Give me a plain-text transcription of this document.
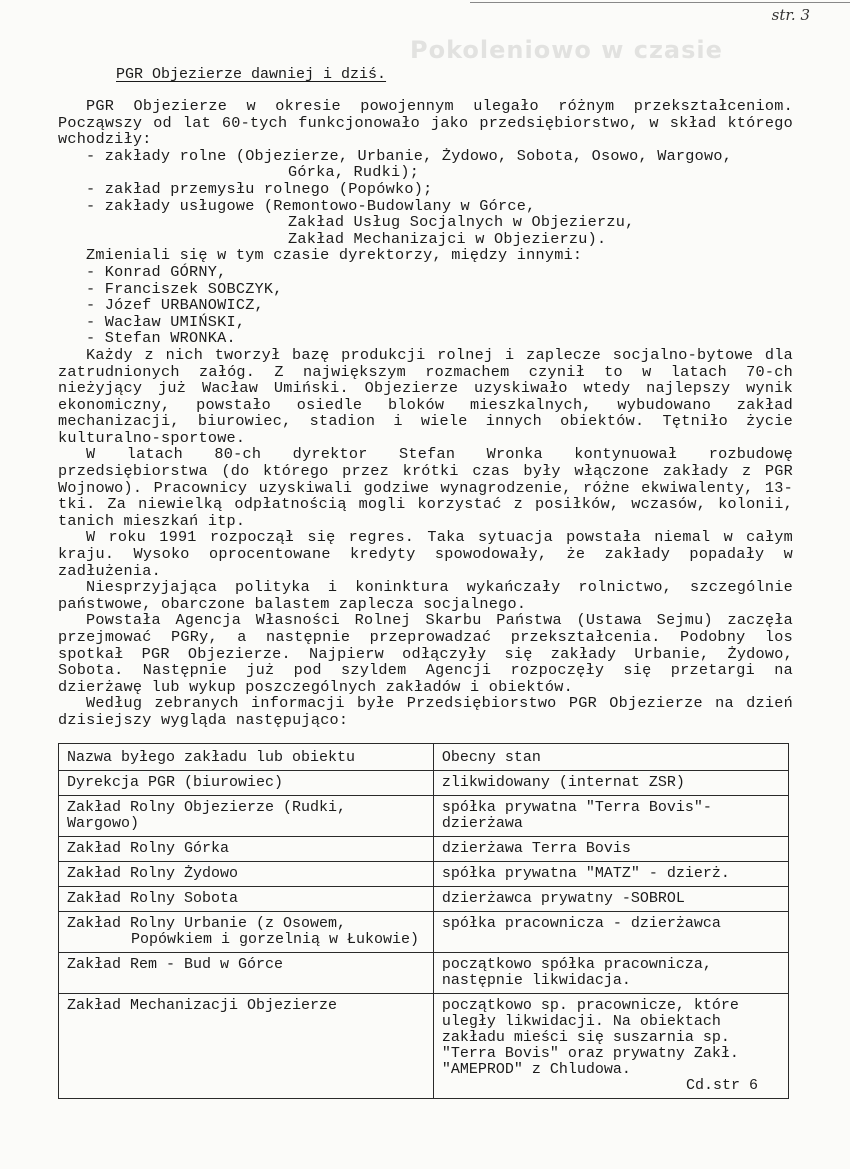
str. 3
Pokoleniowo w czasie
PGR Objezierze dawniej i dziś.

PGR Objezierze w okresie powojennym ulegało różnym przekształceniom. Począwszy od lat 60-tych funkcjonowało jako przedsiębiorstwo, w skład którego wchodziły:

- zakłady rolne (Objezierze, Urbanie, Żydowo, Sobota, Osowo, Wargowo,
Górka, Rudki);
- zakład przemysłu rolnego (Popówko);
- zakłady usługowe (Remontowo-Budowlany w Górce,
Zakład Usług Socjalnych w Objezierzu,
Zakład Mechanizajci w Objezierzu).
Zmieniali się w tym czasie dyrektorzy, między innymi:
- Konrad GÓRNY,
- Franciszek SOBCZYK,
- Józef URBANOWICZ,
- Wacław UMIŃSKI,
- Stefan WRONKA.

Każdy z nich tworzył bazę produkcji rolnej i zaplecze socjalno-bytowe dla zatrudnionych załóg. Z największym rozmachem czynił to w latach 70-ch nieżyjący już Wacław Umiński. Objezierze uzyskiwało wtedy najlepszy wynik ekonomiczny, powstało osiedle bloków mieszkalnych, wybudowano zakład mechanizacji, biurowiec, stadion i wiele innych obiektów. Tętniło życie kulturalno-sportowe.

W latach 80-ch dyrektor Stefan Wronka kontynuował rozbudowę przedsiębiorstwa (do którego przez krótki czas były włączone zakłady z PGR Wojnowo). Pracownicy uzyskiwali godziwe wynagrodzenie, różne ekwiwalenty, 13-tki. Za niewielką odpłatnością mogli korzystać z posiłków, wczasów, kolonii, tanich mieszkań itp.

W roku 1991 rozpoczął się regres. Taka sytuacja powstała niemal w całym kraju. Wysoko oprocentowane kredyty spowodowały, że zakłady popadały w zadłużenia.

Niesprzyjająca polityka i koninktura wykańczały rolnictwo, szczególnie państwowe, obarczone balastem zaplecza socjalnego.

Powstała Agencja Własności Rolnej Skarbu Państwa (Ustawa Sejmu) zaczęła przejmować PGRy, a następnie przeprowadzać przekształcenia. Podobny los spotkał PGR Objezierze. Najpierw odłączyły się zakłady Urbanie, Żydowo, Sobota. Następnie już pod szyldem Agencji rozpoczęły się przetargi na dzierżawę lub wykup poszczególnych zakładów i obiektów.

Według zebranych informacji byłe Przedsiębiorstwo PGR Objezierze na dzień dzisiejszy wygląda następująco:

Nazwa byłego zakładu lub obiektu	Obecny stan
Dyrekcja PGR (biurowiec)	zlikwidowany (internat ZSR)
Zakład Rolny Objezierze (Rudki, Wargowo)	spółka prywatna "Terra Bovis"- dzierżawa
Zakład Rolny Górka	dzierżawa Terra Bovis
Zakład Rolny Żydowo	spółka prywatna "MATZ" - dzierż.
Zakład Rolny Sobota	dzierżawca prywatny -SOBROL
Zakład Rolny Urbanie (z Osowem,
Popówkiem i gorzelnią w Łukowie)	spółka pracownicza - dzierżawca
Zakład Rem - Bud w Górce	początkowo spółka pracownicza, następnie likwidacja.
Zakład Mechanizacji Objezierze	początkowo sp. pracownicze, które uległy likwidacji. Na obiektach zakładu mieści się suszarnia sp. "Terra Bovis" oraz prywatny Zakł. "AMEPROD" z Chludowa.
Cd.str 6
